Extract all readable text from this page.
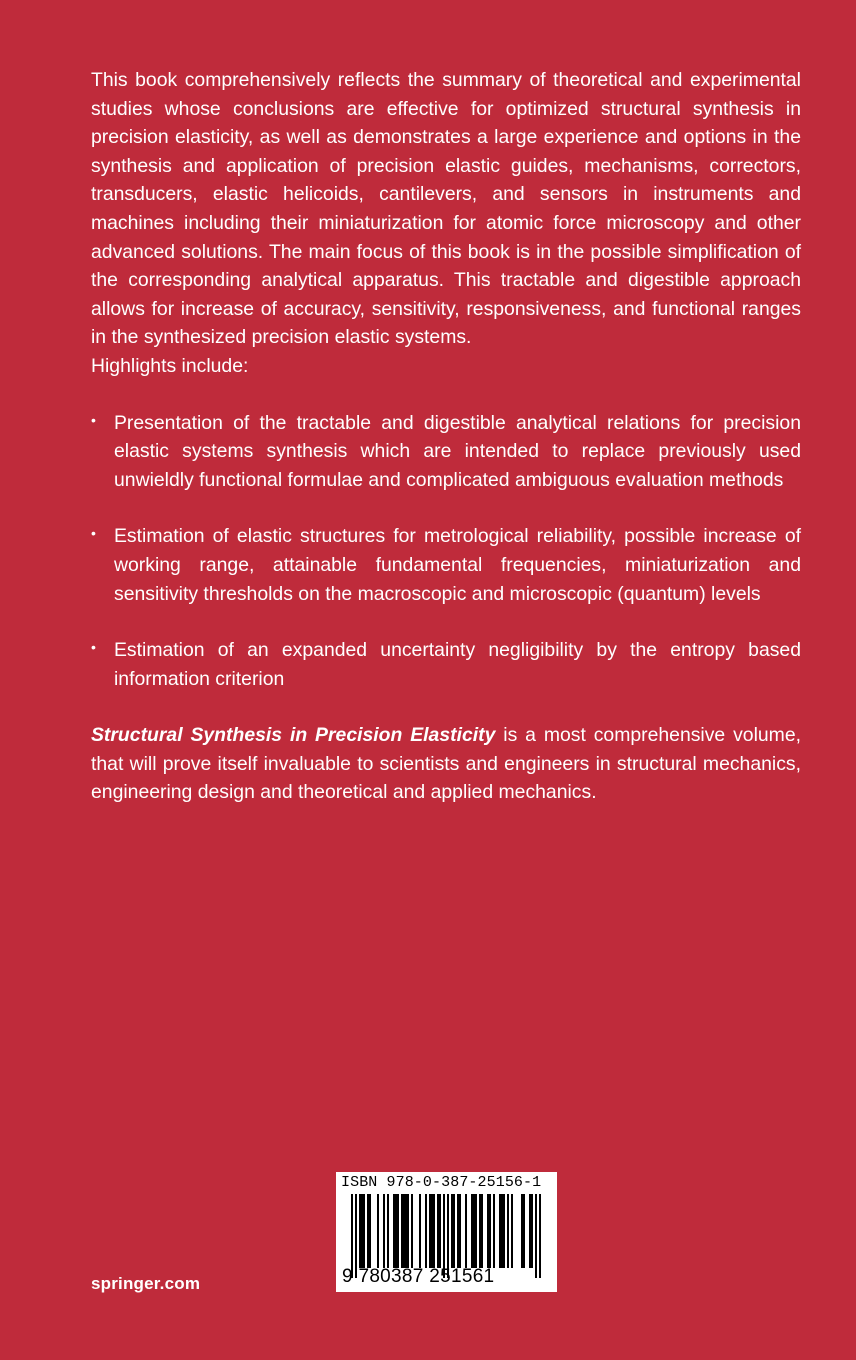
This book comprehensively reflects the summary of theoretical and experimental studies whose conclusions are effective for optimized structural synthesis in precision elasticity, as well as demonstrates a large experience and options in the synthesis and application of precision elastic guides, mechanisms, correctors, transducers, elastic helicoids, cantilevers, and sensors in instruments and machines including their miniaturization for atomic force microscopy and other advanced solutions. The main focus of this book is in the possible simplification of the corresponding analytical apparatus. This tractable and digestible approach allows for increase of accuracy, sensitivity, responsiveness, and functional ranges in the synthesized precision elastic systems.

Highlights include:

• Presentation of the tractable and digestible analytical relations for precision elastic systems synthesis which are intended to replace previously used unwieldly functional formulae and complicated ambiguous evaluation methods
• Estimation of elastic structures for metrological reliability, possible increase of working range, attainable fundamental frequencies, miniaturization and sensitivity thresholds on the macroscopic and microscopic (quantum) levels
• Estimation of an expanded uncertainty negligibility by the entropy based information criterion

Structural Synthesis in Precision Elasticity is a most comprehensive volume, that will prove itself invaluable to scientists and engineers in structural mechanics, engineering design and theoretical and applied mechanics.

springer.com
ISBN 978-0-387-25156-1
9 780387 251561
